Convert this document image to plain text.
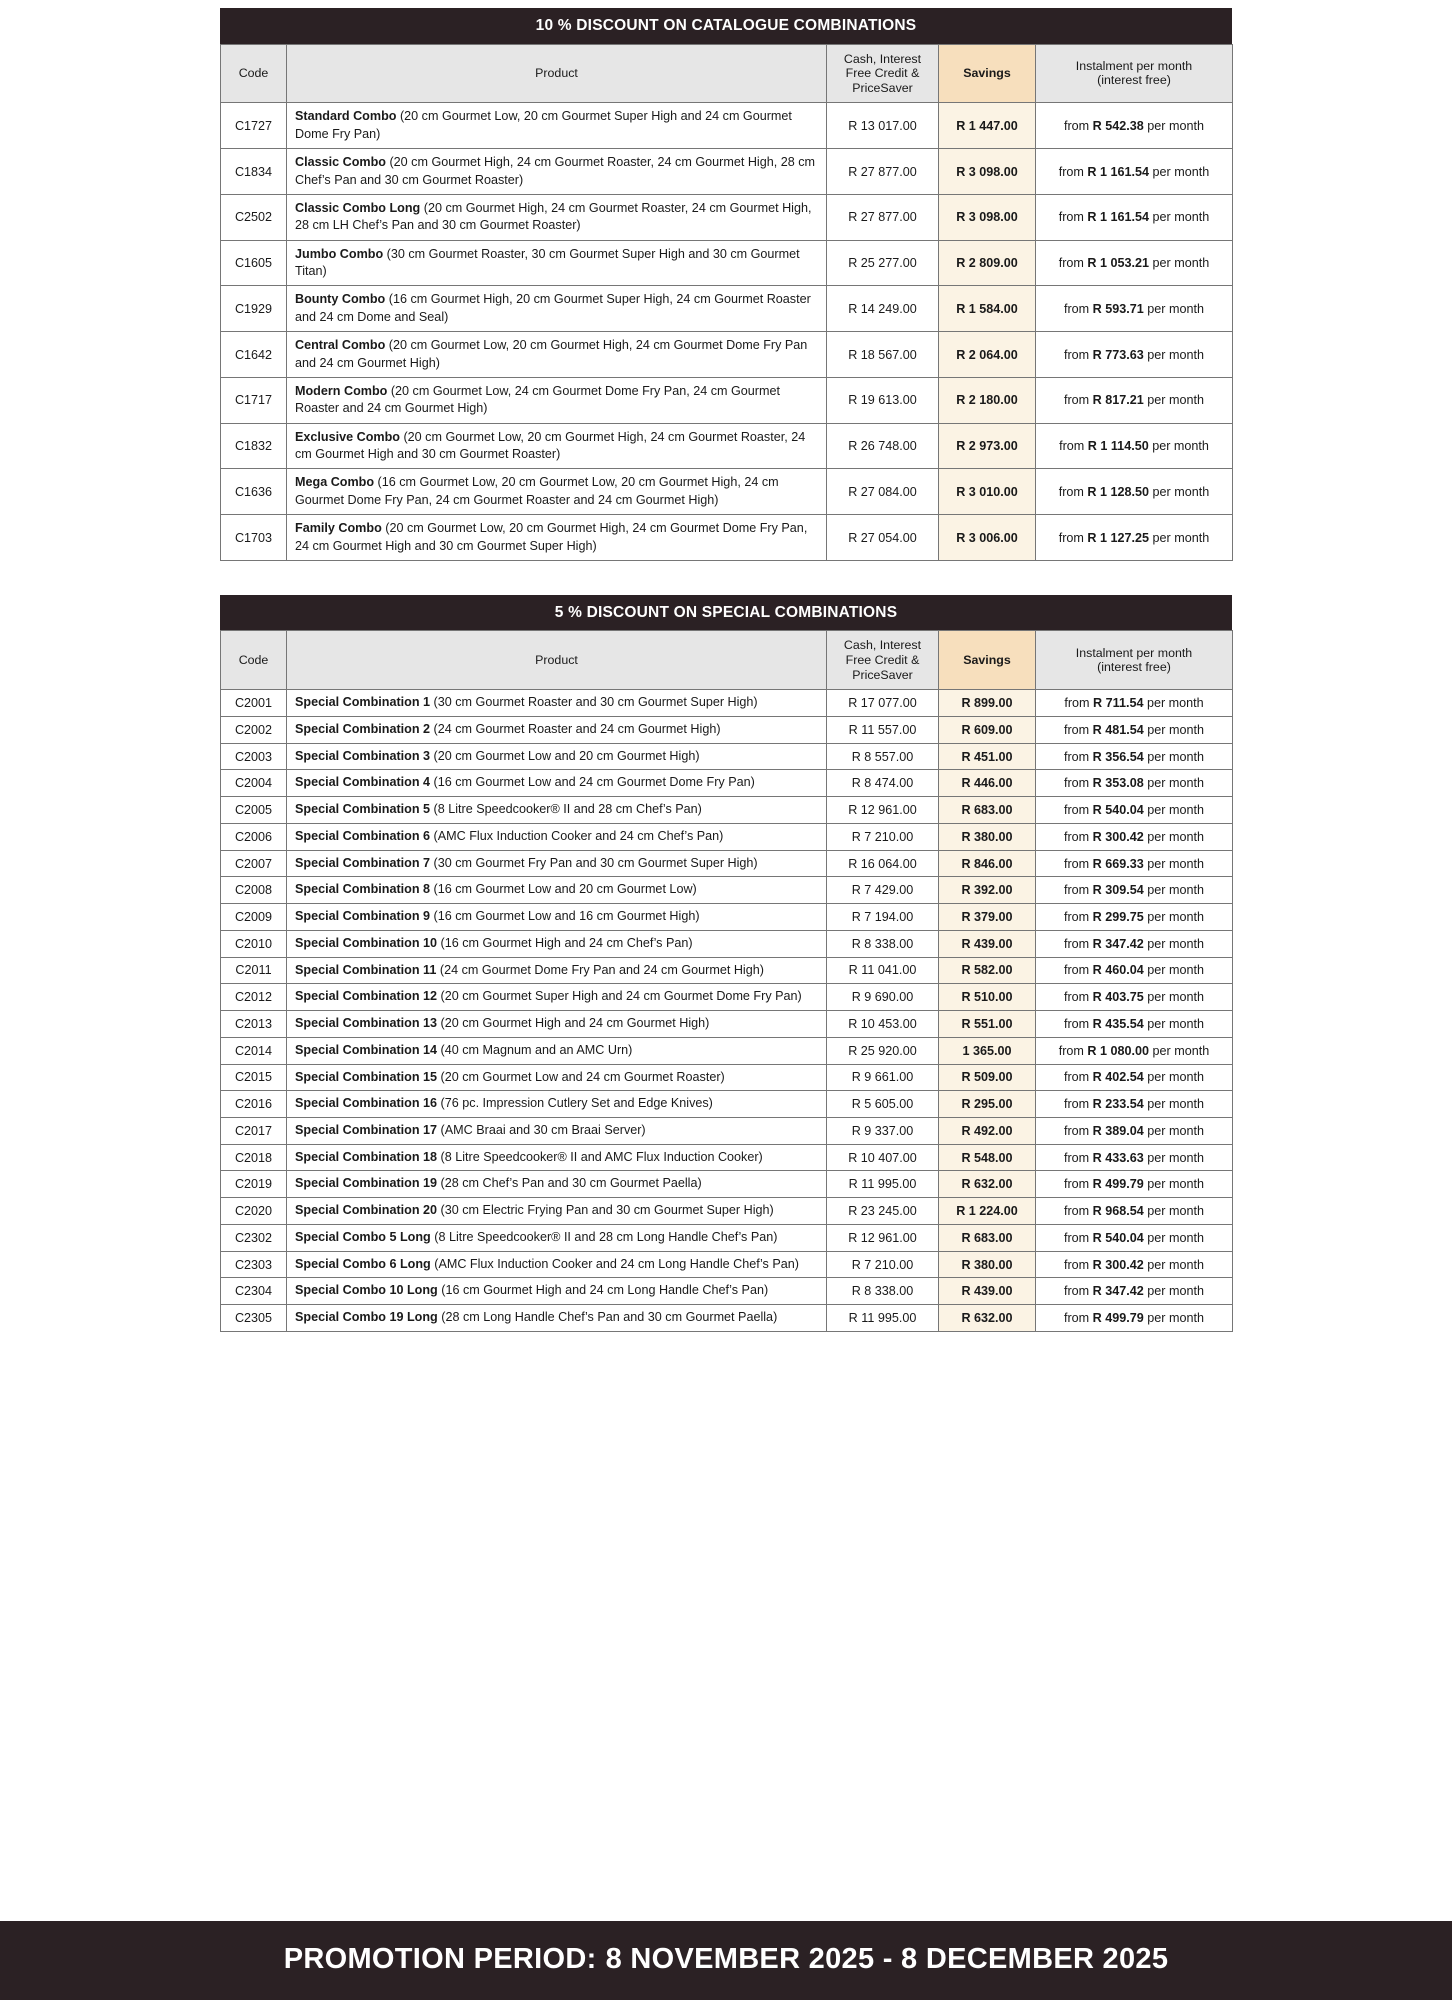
10 % DISCOUNT ON CATALOGUE COMBINATIONS
Code	Product	Cash, Interest
Free Credit &
PriceSaver	Savings	Instalment per month
(interest free)
C1727	Standard Combo (20 cm Gourmet Low, 20 cm Gourmet Super High and 24 cm Gourmet Dome Fry Pan)	R 13 017.00	R 1 447.00	from R 542.38 per month
C1834	Classic Combo (20 cm Gourmet High, 24 cm Gourmet Roaster, 24 cm Gourmet High, 28 cm Chef’s Pan and 30 cm Gourmet Roaster)	R 27 877.00	R 3 098.00	from R 1 161.54 per month
C2502	Classic Combo Long (20 cm Gourmet High, 24 cm Gourmet Roaster, 24 cm Gourmet High, 28 cm LH Chef’s Pan and 30 cm Gourmet Roaster)	R 27 877.00	R 3 098.00	from R 1 161.54 per month
C1605	Jumbo Combo (30 cm Gourmet Roaster, 30 cm Gourmet Super High and 30 cm Gourmet Titan)	R 25 277.00	R 2 809.00	from R 1 053.21 per month
C1929	Bounty Combo (16 cm Gourmet High, 20 cm Gourmet Super High, 24 cm Gourmet Roaster and 24 cm Dome and Seal)	R 14 249.00	R 1 584.00	from R 593.71 per month
C1642	Central Combo (20 cm Gourmet Low, 20 cm Gourmet High, 24 cm Gourmet Dome Fry Pan and 24 cm Gourmet High)	R 18 567.00	R 2 064.00	from R 773.63 per month
C1717	Modern Combo (20 cm Gourmet Low, 24 cm Gourmet Dome Fry Pan, 24 cm Gourmet Roaster and 24 cm Gourmet High)	R 19 613.00	R 2 180.00	from R 817.21 per month
C1832	Exclusive Combo (20 cm Gourmet Low, 20 cm Gourmet High, 24 cm Gourmet Roaster, 24 cm Gourmet High and 30 cm Gourmet Roaster)	R 26 748.00	R 2 973.00	from R 1 114.50 per month
C1636	Mega Combo (16 cm Gourmet Low, 20 cm Gourmet Low, 20 cm Gourmet High, 24 cm Gourmet Dome Fry Pan, 24 cm Gourmet Roaster and 24 cm Gourmet High)	R 27 084.00	R 3 010.00	from R 1 128.50 per month
C1703	Family Combo (20 cm Gourmet Low, 20 cm Gourmet High, 24 cm Gourmet Dome Fry Pan, 24 cm Gourmet High and 30 cm Gourmet Super High)	R 27 054.00	R 3 006.00	from R 1 127.25 per month
5 % DISCOUNT ON SPECIAL COMBINATIONS
Code	Product	Cash, Interest
Free Credit &
PriceSaver	Savings	Instalment per month
(interest free)
C2001	Special Combination 1 (30 cm Gourmet Roaster and 30 cm Gourmet Super High)	R 17 077.00	R 899.00	from R 711.54 per month
C2002	Special Combination 2 (24 cm Gourmet Roaster and 24 cm Gourmet High)	R 11 557.00	R 609.00	from R 481.54 per month
C2003	Special Combination 3 (20 cm Gourmet Low and 20 cm Gourmet High)	R 8 557.00	R 451.00	from R 356.54 per month
C2004	Special Combination 4 (16 cm Gourmet Low and 24 cm Gourmet Dome Fry Pan)	R 8 474.00	R 446.00	from R 353.08 per month
C2005	Special Combination 5 (8 Litre Speedcooker® II and 28 cm Chef’s Pan)	R 12 961.00	R 683.00	from R 540.04 per month
C2006	Special Combination 6 (AMC Flux Induction Cooker and 24 cm Chef’s Pan)	R 7 210.00	R 380.00	from R 300.42 per month
C2007	Special Combination 7 (30 cm Gourmet Fry Pan and 30 cm Gourmet Super High)	R 16 064.00	R 846.00	from R 669.33 per month
C2008	Special Combination 8 (16 cm Gourmet Low and 20 cm Gourmet Low)	R 7 429.00	R 392.00	from R 309.54 per month
C2009	Special Combination 9 (16 cm Gourmet Low and 16 cm Gourmet High)	R 7 194.00	R 379.00	from R 299.75 per month
C2010	Special Combination 10 (16 cm Gourmet High and 24 cm Chef’s Pan)	R 8 338.00	R 439.00	from R 347.42 per month
C2011	Special Combination 11 (24 cm Gourmet Dome Fry Pan and 24 cm Gourmet High)	R 11 041.00	R 582.00	from R 460.04 per month
C2012	Special Combination 12 (20 cm Gourmet Super High and 24 cm Gourmet Dome Fry Pan)	R 9 690.00	R 510.00	from R 403.75 per month
C2013	Special Combination 13 (20 cm Gourmet High and 24 cm Gourmet High)	R 10 453.00	R 551.00	from R 435.54 per month
C2014	Special Combination 14 (40 cm Magnum and an AMC Urn)	R 25 920.00	1 365.00	from R 1 080.00 per month
C2015	Special Combination 15 (20 cm Gourmet Low and 24 cm Gourmet Roaster)	R 9 661.00	R 509.00	from R 402.54 per month
C2016	Special Combination 16 (76 pc. Impression Cutlery Set and Edge Knives)	R 5 605.00	R 295.00	from R 233.54 per month
C2017	Special Combination 17 (AMC Braai and 30 cm Braai Server)	R 9 337.00	R 492.00	from R 389.04 per month
C2018	Special Combination 18 (8 Litre Speedcooker® II and AMC Flux Induction Cooker)	R 10 407.00	R 548.00	from R 433.63 per month
C2019	Special Combination 19 (28 cm Chef’s Pan and 30 cm Gourmet Paella)	R 11 995.00	R 632.00	from R 499.79 per month
C2020	Special Combination 20 (30 cm Electric Frying Pan and 30 cm Gourmet Super High)	R 23 245.00	R 1 224.00	from R 968.54 per month
C2302	Special Combo 5 Long (8 Litre Speedcooker® II and 28 cm Long Handle Chef’s Pan)	R 12 961.00	R 683.00	from R 540.04 per month
C2303	Special Combo 6 Long (AMC Flux Induction Cooker and 24 cm Long Handle Chef’s Pan)	R 7 210.00	R 380.00	from R 300.42 per month
C2304	Special Combo 10 Long (16 cm Gourmet High and 24 cm Long Handle Chef’s Pan)	R 8 338.00	R 439.00	from R 347.42 per month
C2305	Special Combo 19 Long (28 cm Long Handle Chef’s Pan and 30 cm Gourmet Paella)	R 11 995.00	R 632.00	from R 499.79 per month
PROMOTION PERIOD: 8 NOVEMBER 2025 - 8 DECEMBER 2025
